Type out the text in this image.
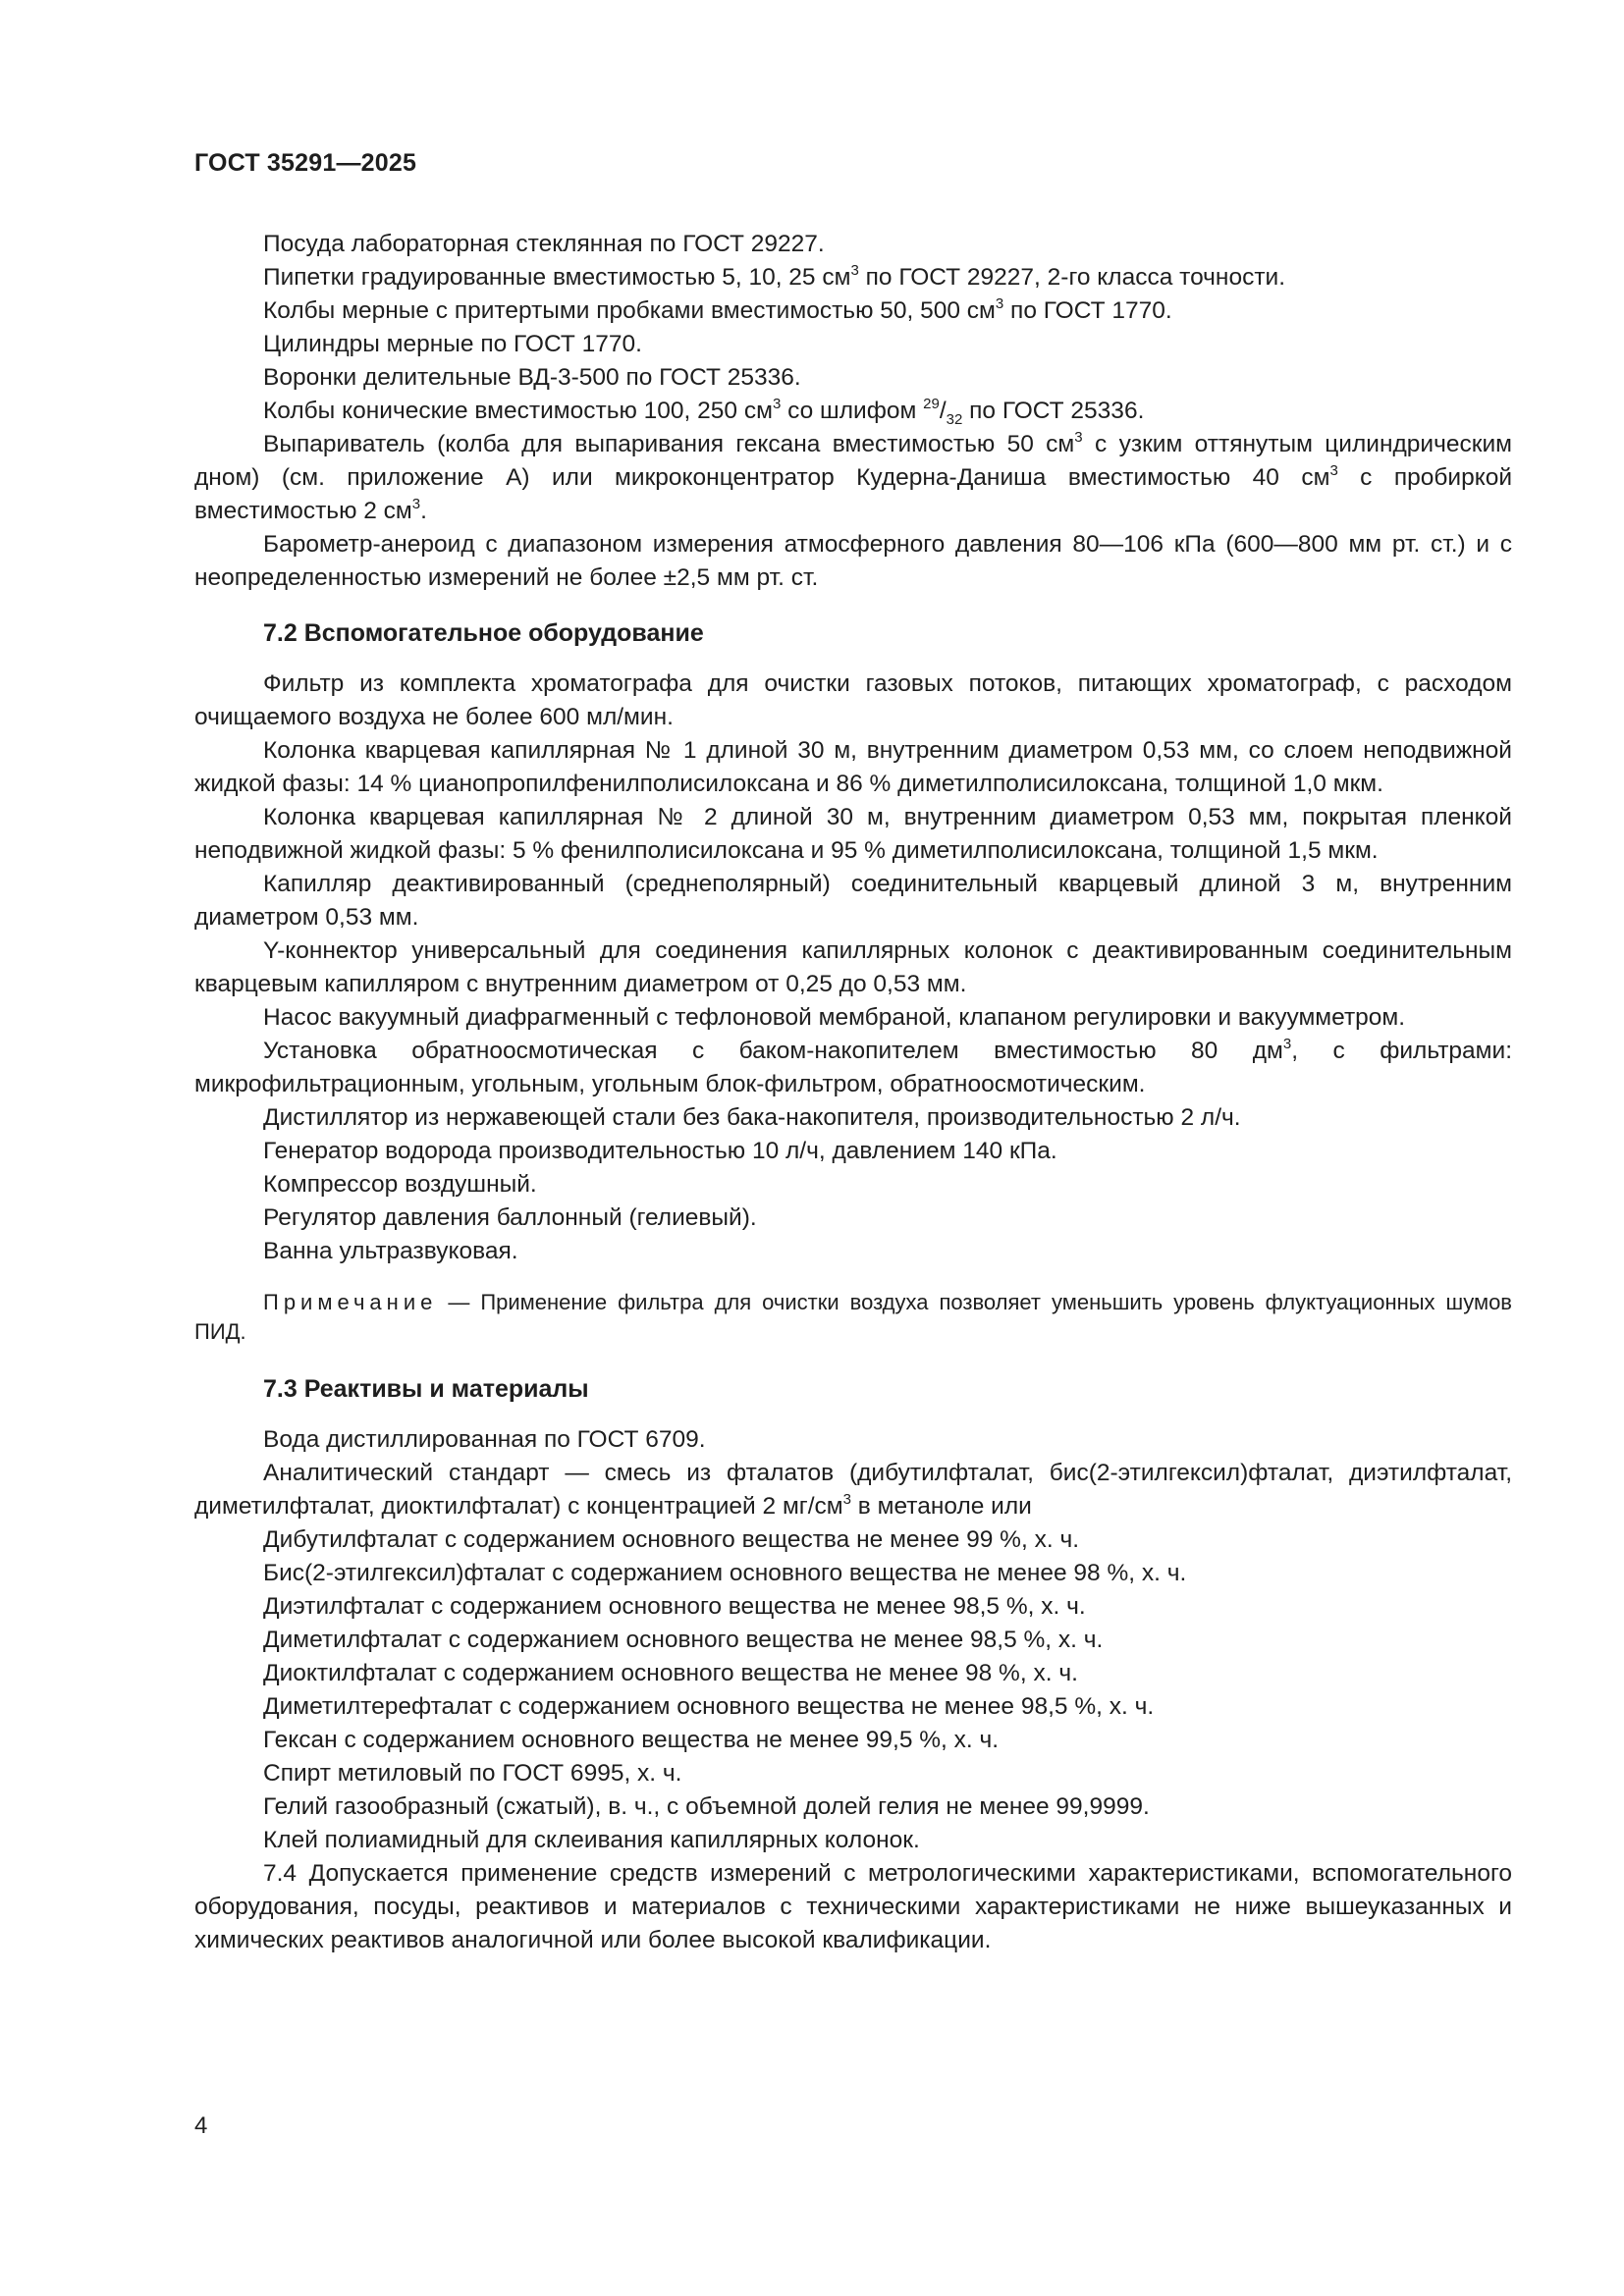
ГОСТ 35291—2025

Посуда лабораторная стеклянная по ГОСТ 29227.

Пипетки градуированные вместимостью 5, 10, 25 $см^3$ по ГОСТ 29227, 2-го класса точности.

Колбы мерные с притертыми пробками вместимостью 50, 500 $см^3$ по ГОСТ 1770.

Цилиндры мерные по ГОСТ 1770.

Воронки делительные ВД-3-500 по ГОСТ 25336.

Колбы конические вместимостью 100, 250 $см^3$ со шлифом $^{29}/_{32}$ по ГОСТ 25336.

Выпариватель (колба для выпаривания гексана вместимостью 50 $см^3$ с узким оттянутым цилиндрическим дном) (см. приложение А) или микроконцентратор Кудерна-Даниша вместимостью 40 $см^3$ с пробиркой вместимостью 2 $см^3$.

Барометр-анероид с диапазоном измерения атмосферного давления 80—106 кПа (600—800 мм рт. ст.) и с неопределенностью измерений не более ±2,5 мм рт. ст.

7.2 Вспомогательное оборудование

Фильтр из комплекта хроматографа для очистки газовых потоков, питающих хроматограф, с расходом очищаемого воздуха не более 600 мл/мин.

Колонка кварцевая капиллярная № 1 длиной 30 м, внутренним диаметром 0,53 мм, со слоем неподвижной жидкой фазы: 14 % цианопропилфенилполисилоксана и 86 % диметилполисилоксана, толщиной 1,0 мкм.

Колонка кварцевая капиллярная № 2 длиной 30 м, внутренним диаметром 0,53 мм, покрытая пленкой неподвижной жидкой фазы: 5 % фенилполисилоксана и 95 % диметилполисилоксана, толщиной 1,5 мкм.

Капилляр деактивированный (среднеполярный) соединительный кварцевый длиной 3 м, внутренним диаметром 0,53 мм.

Y-коннектор универсальный для соединения капиллярных колонок с деактивированным соединительным кварцевым капилляром с внутренним диаметром от 0,25 до 0,53 мм.

Насос вакуумный диафрагменный с тефлоновой мембраной, клапаном регулировки и вакуумметром.

Установка обратноосмотическая с баком-накопителем вместимостью 80 $дм^3$, с фильтрами: микрофильтрационным, угольным, угольным блок-фильтром, обратноосмотическим.

Дистиллятор из нержавеющей стали без бака-накопителя, производительностью 2 л/ч.

Генератор водорода производительностью 10 л/ч, давлением 140 кПа.

Компрессор воздушный.

Регулятор давления баллонный (гелиевый).

Ванна ультразвуковая.

Примечание — Применение фильтра для очистки воздуха позволяет уменьшить уровень флуктуационных шумов ПИД.

7.3 Реактивы и материалы

Вода дистиллированная по ГОСТ 6709.

Аналитический стандарт — смесь из фталатов (дибутилфталат, бис(2-этилгексил)фталат, диэтилфталат, диметилфталат, диоктилфталат) с концентрацией 2 $мг/см^3$ в метаноле или

Дибутилфталат с содержанием основного вещества не менее 99 %, х. ч.

Бис(2-этилгексил)фталат с содержанием основного вещества не менее 98 %, х. ч.

Диэтилфталат с содержанием основного вещества не менее 98,5 %, х. ч.

Диметилфталат с содержанием основного вещества не менее 98,5 %, х. ч.

Диоктилфталат с содержанием основного вещества не менее 98 %, х. ч.

Диметилтерефталат с содержанием основного вещества не менее 98,5 %, х. ч.

Гексан с содержанием основного вещества не менее 99,5 %, х. ч.

Спирт метиловый по ГОСТ 6995, х. ч.

Гелий газообразный (сжатый), в. ч., с объемной долей гелия не менее 99,9999.

Клей полиамидный для склеивания капиллярных колонок.

7.4 Допускается применение средств измерений с метрологическими характеристиками, вспомогательного оборудования, посуды, реактивов и материалов с техническими характеристиками не ниже вышеуказанных и химических реактивов аналогичной или более высокой квалификации.

4
